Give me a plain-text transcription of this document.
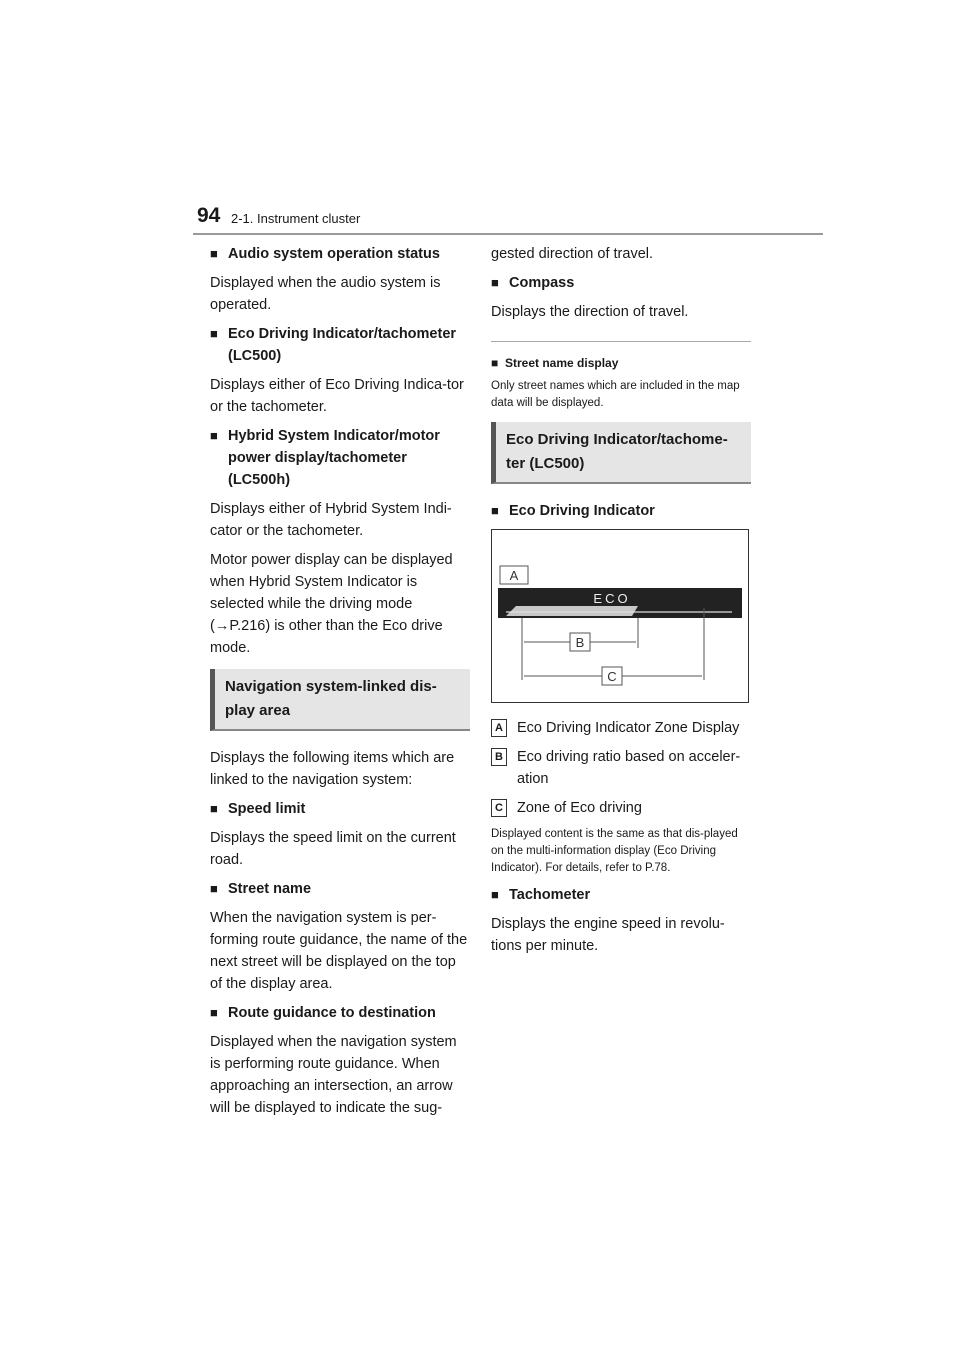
94 2-1. Instrument cluster
■ Audio system operation status

Displayed when the audio system is operated.

■ Eco Driving Indicator/tachometer (LC500)

Displays either of Eco Driving Indica-tor or the tachometer.

■ Hybrid System Indicator/motor power display/tachometer (LC500h)

Displays either of Hybrid System Indi-cator or the tachometer.

Motor power display can be displayed when Hybrid System Indicator is selected while the driving mode (→P.216) is other than the Eco drive mode.

Navigation system-linked dis-play area

Displays the following items which are linked to the navigation system:

■ Speed limit

Displays the speed limit on the current road.

■ Street name

When the navigation system is per-forming route guidance, the name of the next street will be displayed on the top of the display area.

■ Route guidance to destination

Displayed when the navigation system is performing route guidance. When approaching an intersection, an arrow will be displayed to indicate the sug-

gested direction of travel.

■ Compass

Displays the direction of travel.

■ Street name display

Only street names which are included in the map data will be displayed.

Eco Driving Indicator/tachome-ter (LC500)
■ Eco Driving Indicator
A
ECO
B
C
A Eco Driving Indicator Zone Display
B Eco driving ratio based on acceler-ation
C Zone of Eco driving

Displayed content is the same as that dis-played on the multi-information display (Eco Driving Indicator). For details, refer to P.78.

■ Tachometer

Displays the engine speed in revolu-tions per minute.
